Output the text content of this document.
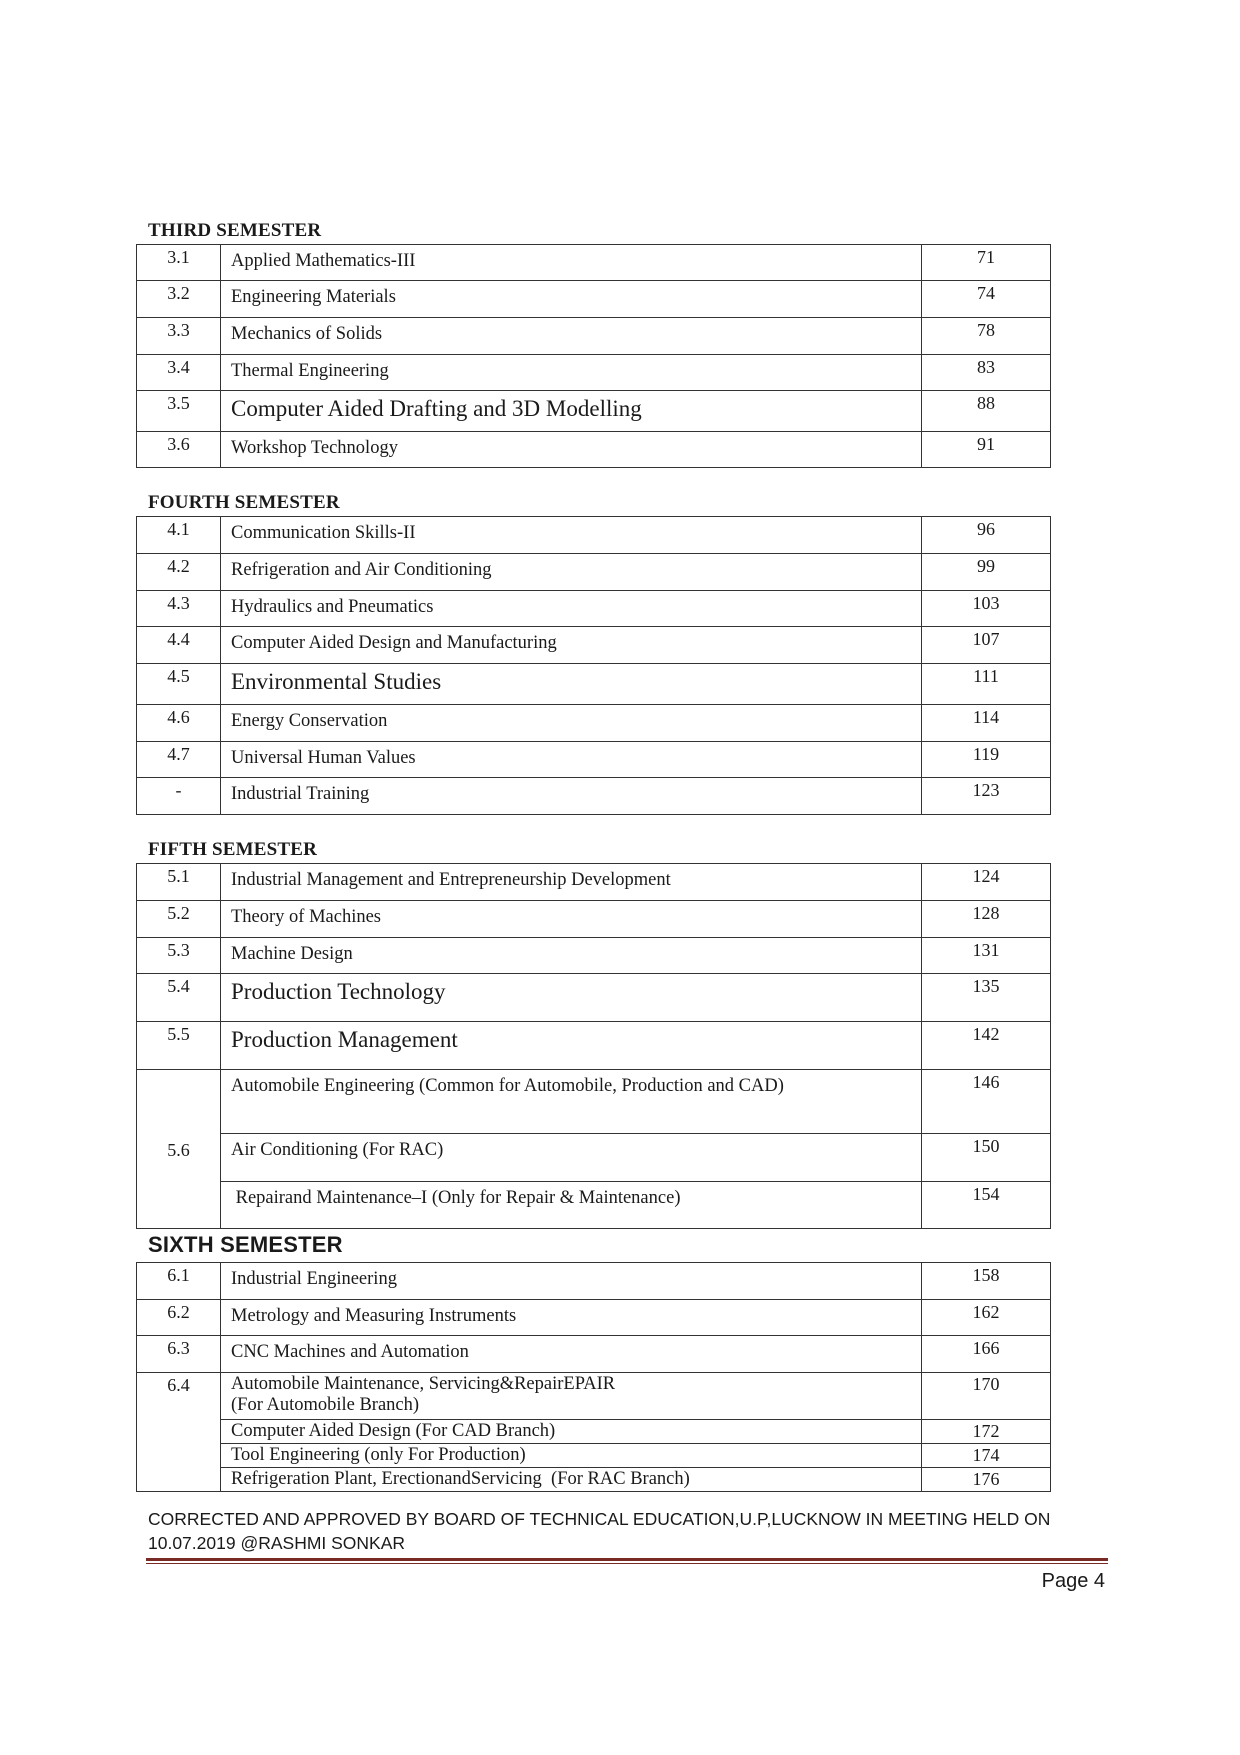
THIRD SEMESTER
3.1	Applied Mathematics-III	71
3.2	Engineering Materials	74
3.3	Mechanics of Solids	78
3.4	Thermal Engineering	83
3.5	Computer Aided Drafting and 3D Modelling	88
3.6	Workshop Technology	91
FOURTH SEMESTER
4.1	Communication Skills-II	96
4.2	Refrigeration and Air Conditioning	99
4.3	Hydraulics and Pneumatics	103
4.4	Computer Aided Design and Manufacturing	107
4.5	Environmental Studies	111
4.6	Energy Conservation	114
4.7	Universal Human Values	119
-	Industrial Training	123
FIFTH SEMESTER
5.1	Industrial Management and Entrepreneurship Development	124
5.2	Theory of Machines	128
5.3	Machine Design	131
5.4	Production Technology	135
5.5	Production Management	142
5.6	Automobile Engineering (Common for Automobile, Production and CAD)	146
	Air Conditioning (For RAC)	150
	Repairand Maintenance–I (Only for Repair & Maintenance)	154
SIXTH SEMESTER
6.1	Industrial Engineering	158
6.2	Metrology and Measuring Instruments	162
6.3	CNC Machines and Automation	166
6.4	Automobile Maintenance, Servicing&RepairEPAIR
(For Automobile Branch)	170
	Computer Aided Design (For CAD Branch)	172
	Tool Engineering (only For Production)	174
	Refrigeration Plant, ErectionandServicing  (For RAC Branch)	176
CORRECTED AND APPROVED BY BOARD OF TECHNICAL EDUCATION,U.P,LUCKNOW IN MEETING HELD ON
10.07.2019 @RASHMI SONKAR
Page 4
